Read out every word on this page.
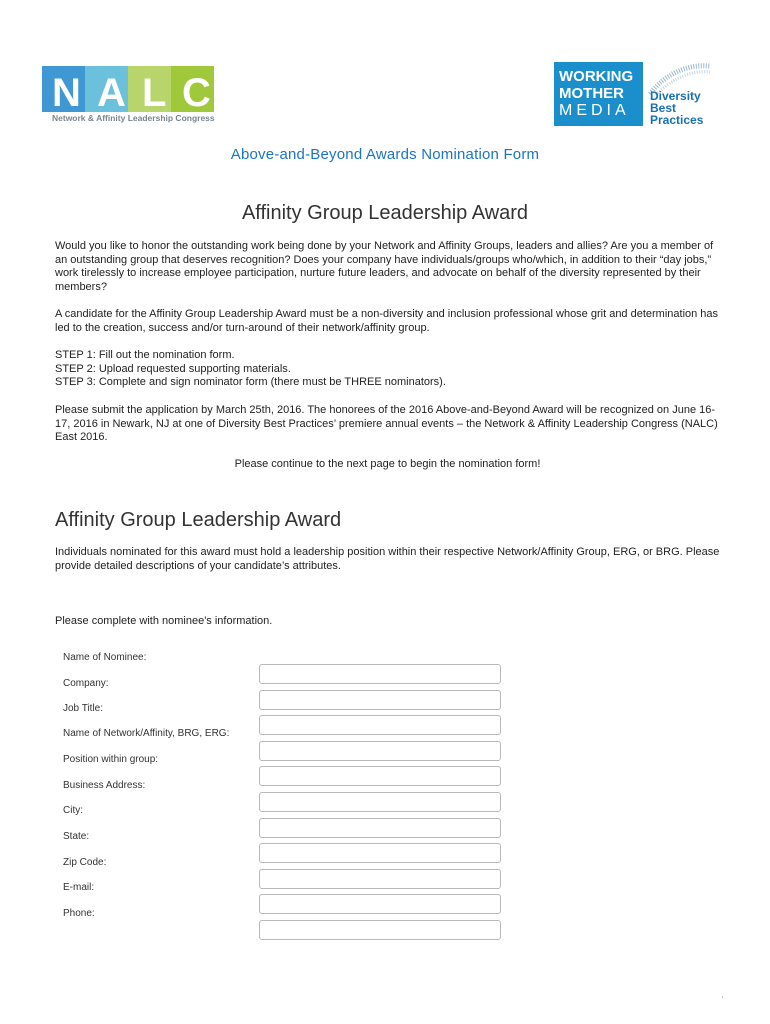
N A L C
Network & Affinity Leadership Congress
WORKING
MOTHER
MEDIA
Diversity
Best
Practices
Above-and-Beyond Awards Nomination Form
Affinity Group Leadership Award

Would you like to honor the outstanding work being done by your Network and Affinity Groups, leaders and allies? Are you a member of an outstanding group that deserves recognition? Does your company have individuals/groups who/which, in addition to their “day jobs,” work tirelessly to increase employee participation, nurture future leaders, and advocate on behalf of the diversity represented by their members?

A candidate for the Affinity Group Leadership Award must be a non-diversity and inclusion professional whose grit and determination has led to the creation, success and/or turn-around of their network/affinity group.

STEP 1: Fill out the nomination form.

STEP 2: Upload requested supporting materials.

STEP 3: Complete and sign nominator form (there must be THREE nominators).

Please submit the application by March 25th, 2016. The honorees of the 2016 Above-and-Beyond Award will be recognized on June 16-17, 2016 in Newark, NJ at one of Diversity Best Practices’ premiere annual events – the Network & Affinity Leadership Congress (NALC) East 2016.

Please continue to the next page to begin the nomination form!

Affinity Group Leadership Award

Individuals nominated for this award must hold a leadership position within their respective Network/Affinity Group, ERG, or BRG. Please provide detailed descriptions of your candidate’s attributes.

Please complete with nominee's information.

Name of Nominee:
Company:
Job Title:
Name of Network/Affinity, BRG, ERG:
Position within group:
Business Address:
City:
State:
Zip Code:
E-mail:
Phone:
'
